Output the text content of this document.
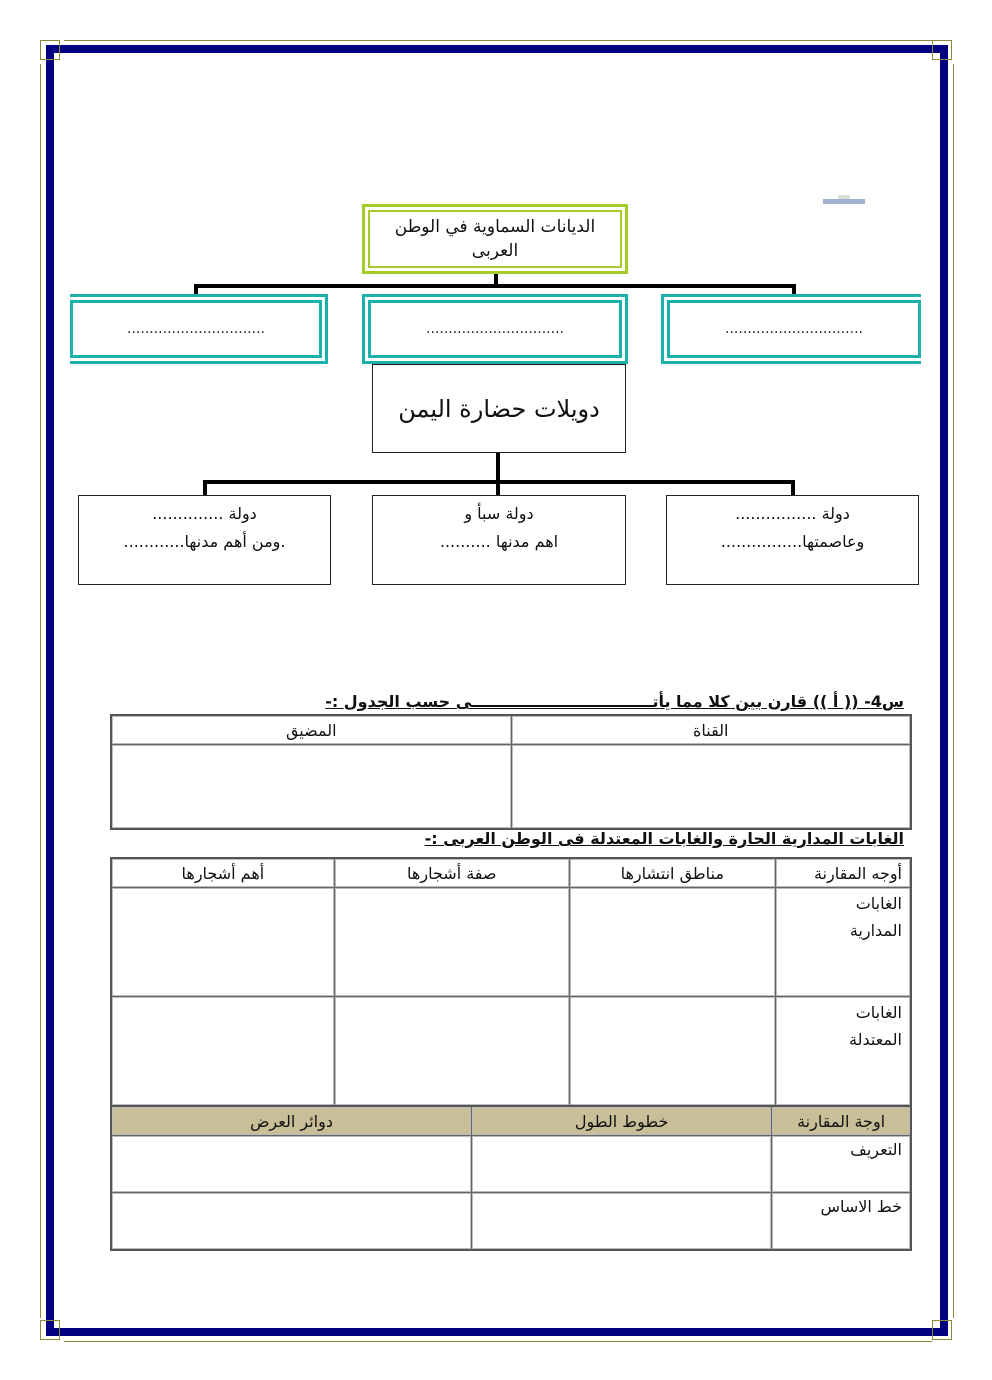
الديانات السماوية في الوطن العربى
...............................	...............................	...............................
دويلات حضارة اليمن
دولة ................
وعاصمتها................
دولة سبأ و
اهم مدنها ..........
دولة ..............
.ومن أهم مدنها............
س4- (( أ )) قارن بين كلا مما يأتـــــــــــــــــــــــــــــــــى حسب الجدول :-
القناة	المضيق

الغابات المدارية الحارة والغابات المعتدلة فى الوطن العربى :-
أوجه المقارنة	مناطق انتشارها	صفة أشجارها	أهم أشجارها

الغابات
المدارية			

الغابات
المعتدلة			

اوجة المقارنة	خطوط الطول	دوائر العرض
التعريف		
خط الاساس		
